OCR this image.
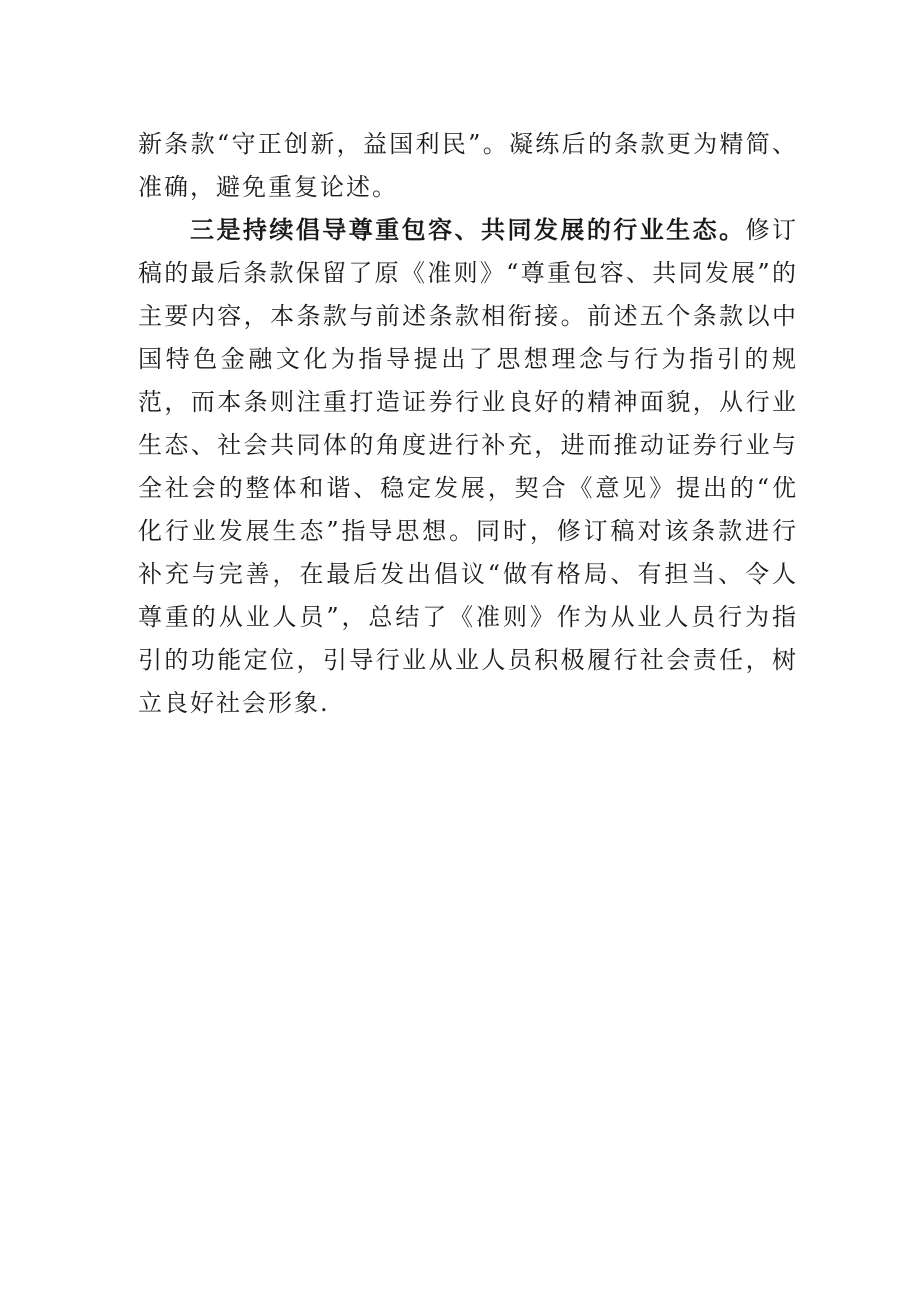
新条款“守正创新，益国利民”。凝练后的条款更为精简、准确，避免重复论述。

三是持续倡导尊重包容、共同发展的行业生态。修订稿的最后条款保留了原《准则》“尊重包容、共同发展”的主要内容，本条款与前述条款相衔接。前述五个条款以中国特色金融文化为指导提出了思想理念与行为指引的规范，而本条则注重打造证券行业良好的精神面貌，从行业生态、社会共同体的角度进行补充，进而推动证券行业与全社会的整体和谐、稳定发展，契合《意见》提出的“优化行业发展生态”指导思想。同时，修订稿对该条款进行补充与完善，在最后发出倡议“做有格局、有担当、令人尊重的从业人员”，总结了《准则》作为从业人员行为指引的功能定位，引导行业从业人员积极履行社会责任，树立良好社会形象.
